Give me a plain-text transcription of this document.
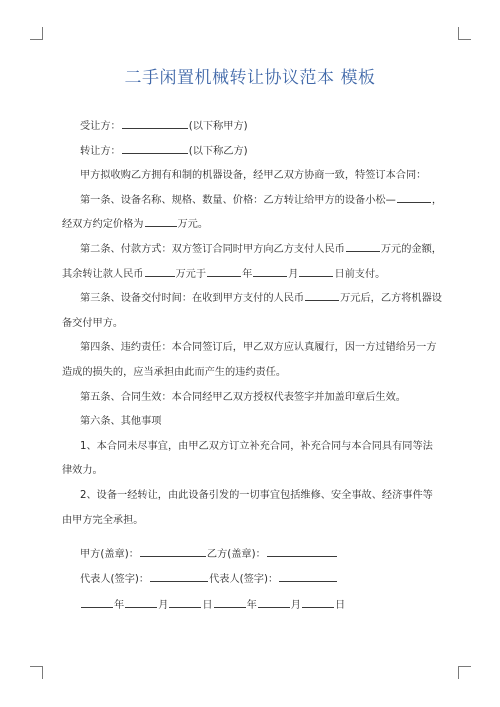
二手闲置机械转让协议范本 模板
受让方：	(以下称甲方)
转让方：	(以下称乙方)
甲方拟收购乙方拥有和制的机器设备，经甲乙双方协商一致，特签订本合同：
第一条、设备名称、规格、数量、价格：乙方转让给甲方的设备小松—	，
经双方约定价格为	万元。
第二条、付款方式：双方签订合同时甲方向乙方支付人民币	万元的金额，
其余转让款人民币	万元于	年	月	日前支付。
第三条、设备交付时间：在收到甲方支付的人民币	万元后，乙方将机器设
备交付甲方。
第四条、违约责任：本合同签订后，甲乙双方应认真履行，因一方过错给另一方
造成的损失的，应当承担由此而产生的违约责任。
第五条、合同生效：本合同经甲乙双方授权代表签字并加盖印章后生效。
第六条、其他事项
1、本合同未尽事宜，由甲乙双方订立补充合同，补充合同与本合同具有同等法
律效力。
2、设备一经转让，由此设备引发的一切事宜包括维修、安全事故、经济事件等
由甲方完全承担。
甲方(盖章)：	乙方(盖章)：
代表人(签字)：	代表人(签字)：
年	月	日	年	月	日
